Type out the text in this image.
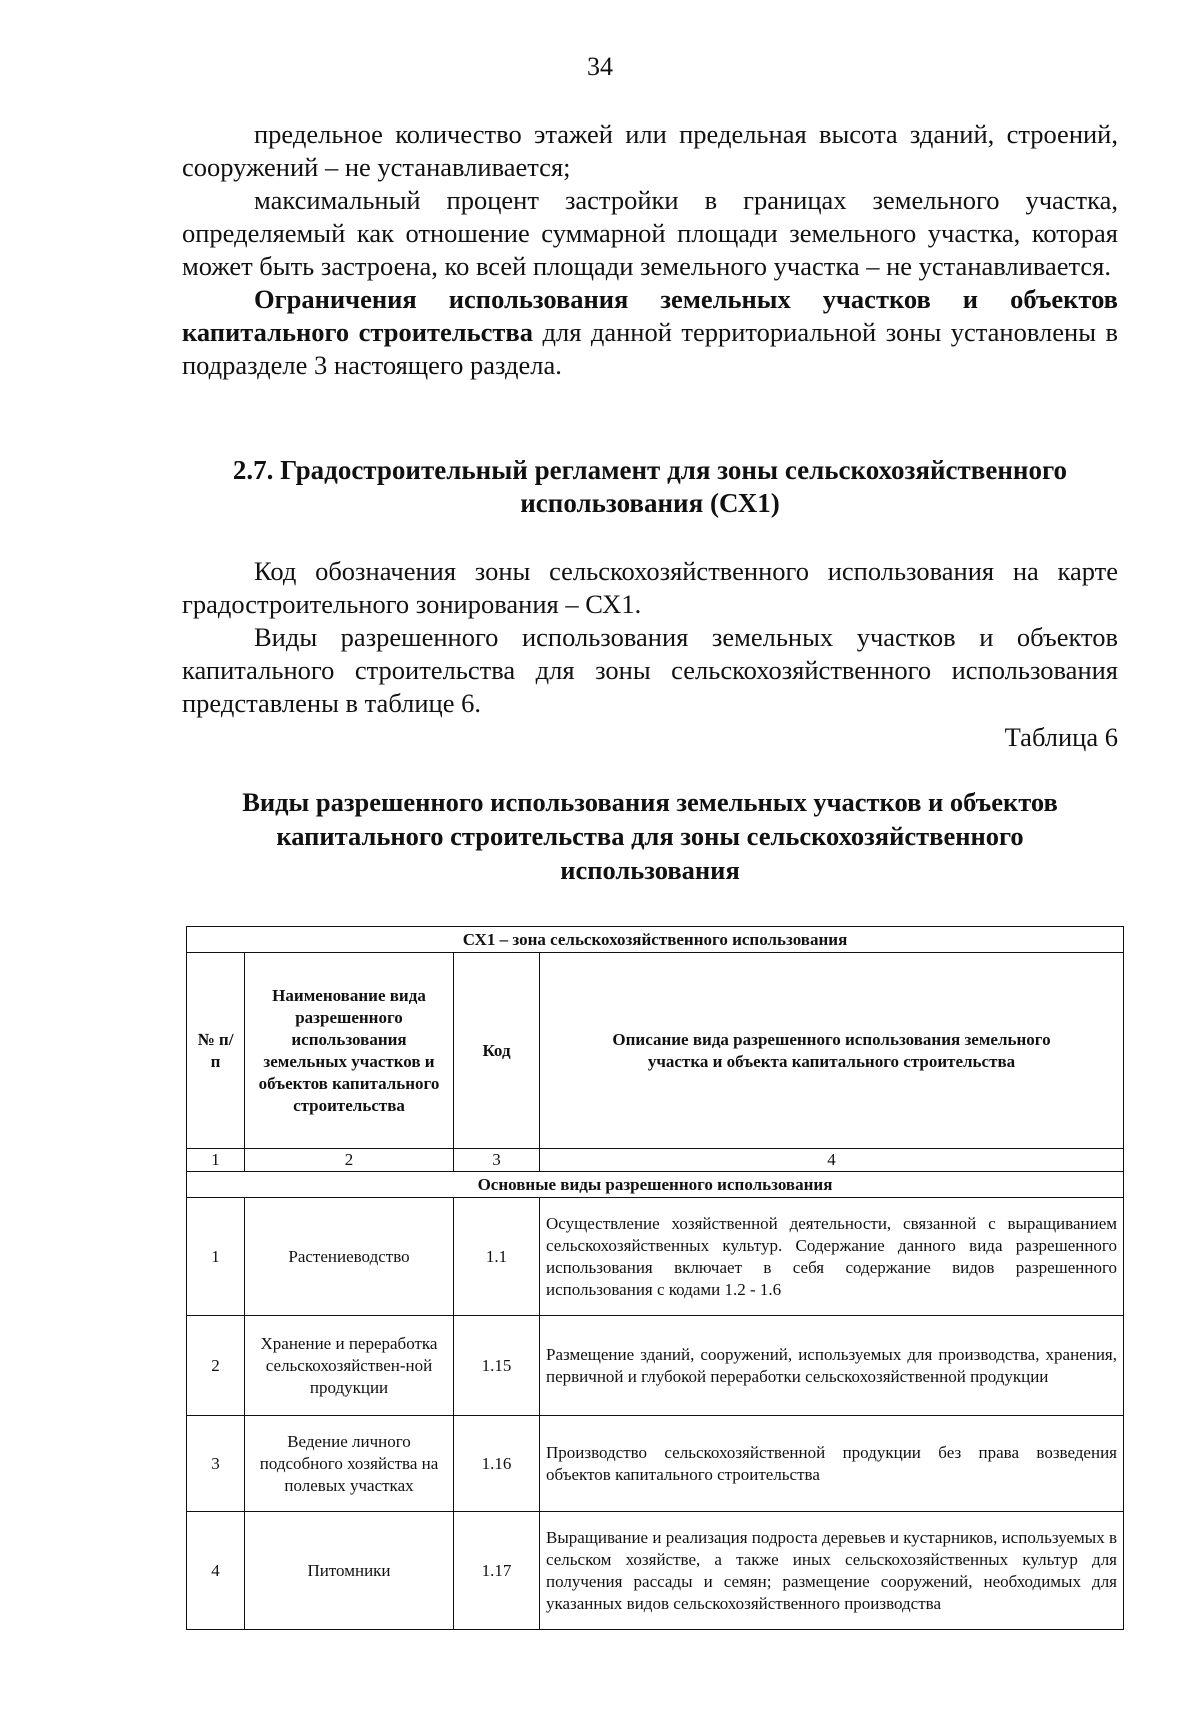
34

предельное количество этажей или предельная высота зданий, строений, сооружений – не устанавливается;

максимальный процент застройки в границах земельного участка, определяемый как отношение суммарной площади земельного участка, которая может быть застроена, ко всей площади земельного участка – не устанавливается.

Ограничения использования земельных участков и объектов капитального строительства для данной территориальной зоны установлены в подразделе 3 настоящего раздела.

2.7. Градостроительный регламент для зоны сельскохозяйственного
использования (СХ1)

Код обозначения зоны сельскохозяйственного использования на карте градостроительного зонирования – СХ1.

Виды разрешенного использования земельных участков и объектов капитального строительства для зоны сельскохозяйственного использования представлены в таблице 6.

Таблица 6
Виды разрешенного использования земельных участков и объектов
капитального строительства для зоны сельскохозяйственного
использования
СХ1 – зона сельскохозяйственного использования			
№ п/п	Наименование вида разрешенного использования земельных участков и объектов капитального строительства	Код	Описание вида разрешенного использования земельного участка и объекта капитального строительства
1	2	3	4
Основные виды разрешенного использования			
1	Растениеводство	1.1	Осуществление хозяйственной деятельности, связанной с выращиванием сельскохозяйственных культур. Содержание данного вида разрешенного использования включает в себя содержание видов разрешенного использования с кодами 1.2 - 1.6
2	Хранение и переработка сельскохозяйствен-ной продукции	1.15	Размещение зданий, сооружений, используемых для производства, хранения, первичной и глубокой переработки сельскохозяйственной продукции
3	Ведение личного подсобного хозяйства на полевых участках	1.16	Производство сельскохозяйственной продукции без права возведения объектов капитального строительства
4	Питомники	1.17	Выращивание и реализация подроста деревьев и кустарников, используемых в сельском хозяйстве, а также иных сельскохозяйственных культур для получения рассады и семян; размещение сооружений, необходимых для указанных видов сельскохозяйственного производства
